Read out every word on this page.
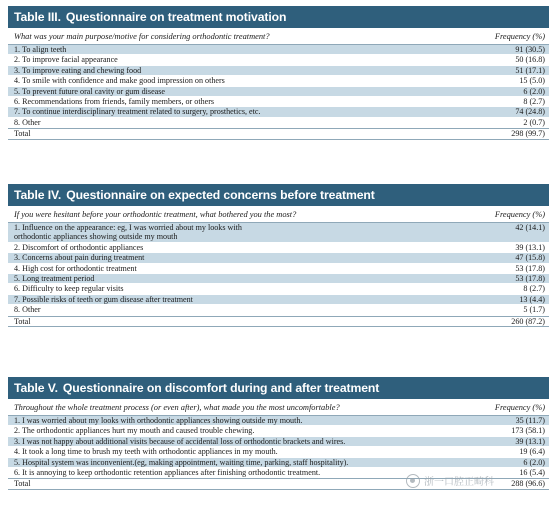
Table III. Questionnaire on treatment motivation
What was your main purpose/motive for considering orthodontic treatment?	Frequency (%)
1. To align teeth	91 (30.5)
2. To improve facial appearance	50 (16.8)
3. To improve eating and chewing food	51 (17.1)
4. To smile with confidence and make good impression on others	15 (5.0)
5. To prevent future oral cavity or gum disease	6 (2.0)
6. Recommendations from friends, family members, or others	8 (2.7)
7. To continue interdisciplinary treatment related to surgery, prosthetics, etc.	74 (24.8)
8. Other	2 (0.7)
Total	298 (99.7)
Table IV. Questionnaire on expected concerns before treatment
If you were hesitant before your orthodontic treatment, what bothered you the most?	Frequency (%)
1. Influence on the appearance: eg, I was worried about my looks with
orthodontic appliances showing outside my mouth
42 (14.1)
2. Discomfort of orthodontic appliances	39 (13.1)
3. Concerns about pain during treatment	47 (15.8)
4. High cost for orthodontic treatment	53 (17.8)
5. Long treatment period	53 (17.8)
6. Difficulty to keep regular visits	8 (2.7)
7. Possible risks of teeth or gum disease after treatment	13 (4.4)
8. Other	5 (1.7)
Total	260 (87.2)
Table V. Questionnaire on discomfort during and after treatment
Throughout the whole treatment process (or even after), what made you the most uncomfortable?	Frequency (%)
1. I was worried about my looks with orthodontic appliances showing outside my mouth.	35 (11.7)
2. The orthodontic appliances hurt my mouth and caused trouble chewing.	173 (58.1)
3. I was not happy about additional visits because of accidental loss of orthodontic brackets and wires.	39 (13.1)
4. It took a long time to brush my teeth with orthodontic appliances in my mouth.	19 (6.4)
5. Hospital system was inconvenient.(eg, making appointment, waiting time, parking, staff hospitality).	6 (2.0)
6. It is annoying to keep orthodontic retention appliances after finishing orthodontic treatment.	16 (5.4)
Total	288 (96.6)
浙一口腔正畸科
